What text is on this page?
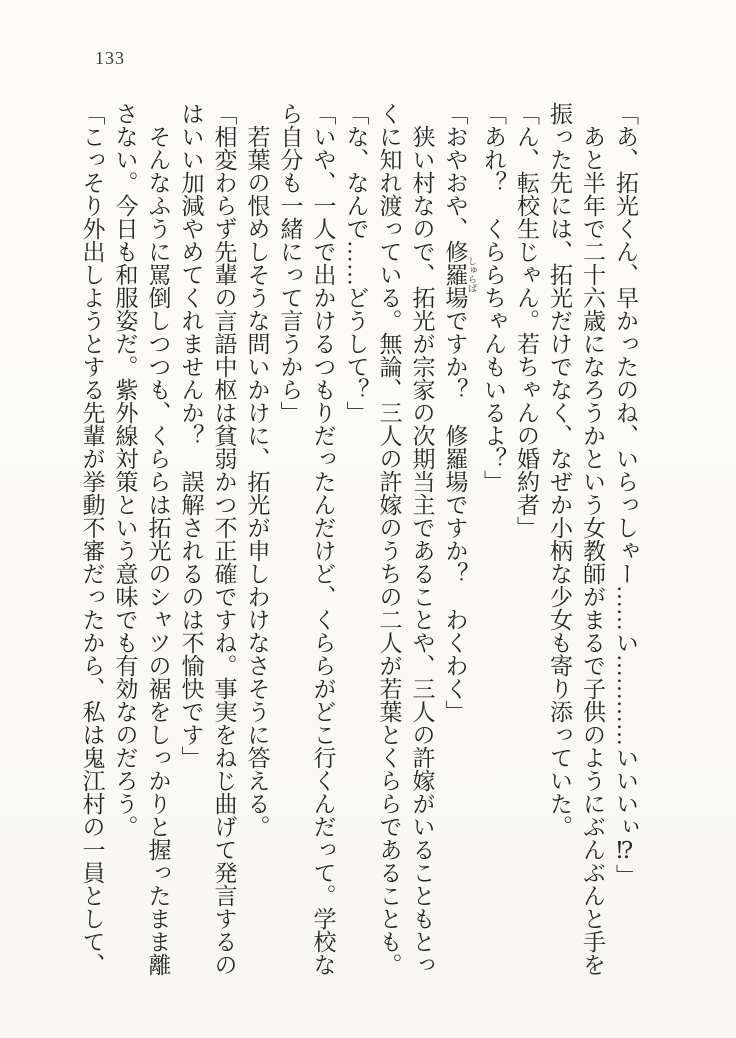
133

「あ、拓光くん、早かったのね、いらっしゃー……い…………いいいぃ⁉」

　あと半年で二十六歳になろうかという女教師がまるで子供のようにぶんぶんと手を
振った先には、拓光だけでなく、なぜか小柄な少女も寄り添っていた。

「ん、転校生じゃん。若ちゃんの婚約者」

「あれ？　くららちゃんもいるよ？」

「おやおや、修羅場 しゅらばですか？　修羅場ですか？　わくわく」

　狭い村なので、拓光が宗家の次期当主であることや、三人の許嫁がいることもとっ
くに知れ渡っている。無論、三人の許嫁のうちの二人が若葉とくららであることも。

「な、なんで……どうして？」

「いや、一人で出かけるつもりだったんだけど、くららがどこ行くんだって。学校な
ら自分も一緒にって言うから」

　若葉の恨めしそうな問いかけに、拓光が申しわけなさそうに答える。

「相変わらず先輩の言語中枢は貧弱かつ不正確ですね。事実をねじ曲げて発言するの
はいい加減やめてくれませんか？　誤解されるのは不愉快です」

　そんなふうに罵倒しつつも、くららは拓光のシャツの裾をしっかりと握ったまま離
さない。今日も和服姿だ。紫外線対策という意味でも有効なのだろう。

「こっそり外出しようとする先輩が挙動不審だったから、私は鬼江村の一員として、
